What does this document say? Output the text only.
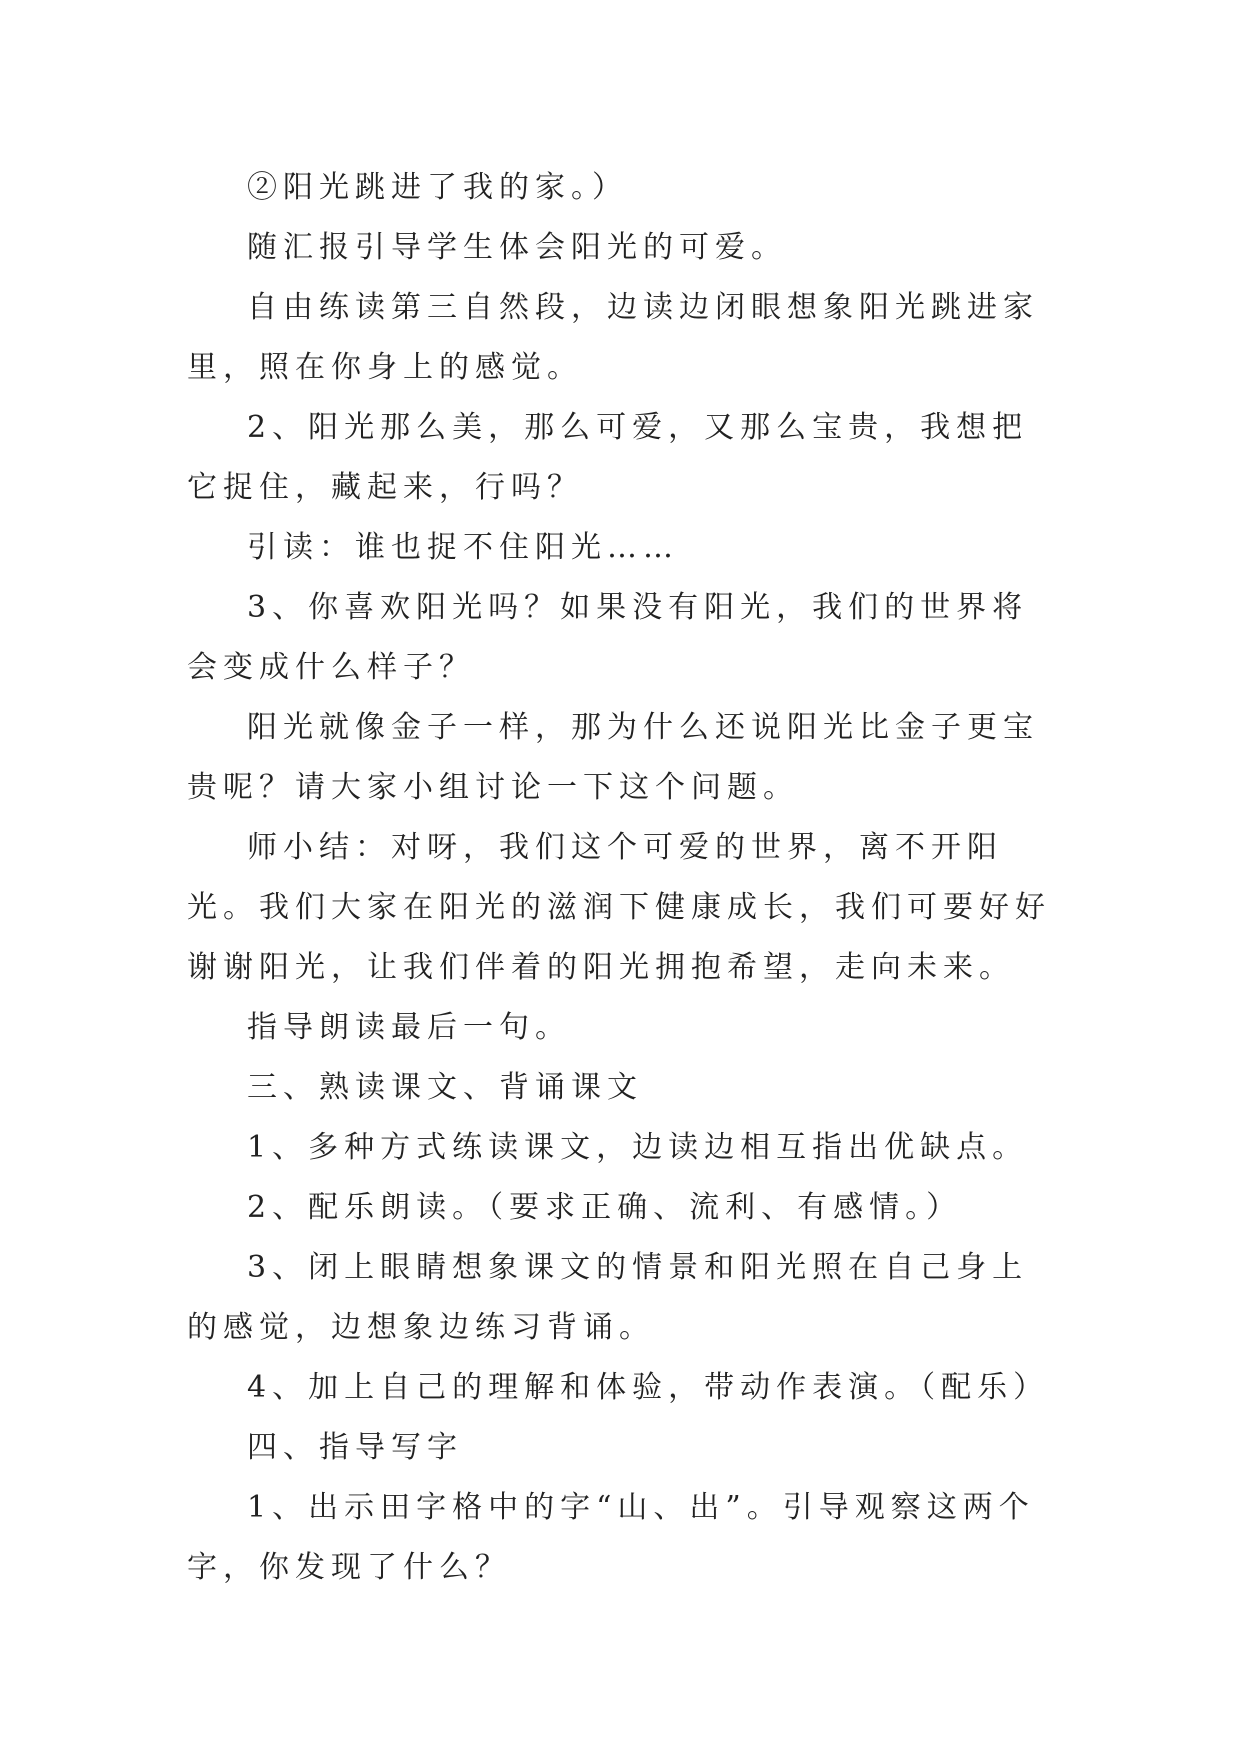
②阳光跳进了我的家。）

随汇报引导学生体会阳光的可爱。

自由练读第三自然段，边读边闭眼想象阳光跳进家里，照在你身上的感觉。

2、阳光那么美，那么可爱，又那么宝贵，我想把它捉住，藏起来，行吗？

引读：谁也捉不住阳光……

3、你喜欢阳光吗？如果没有阳光，我们的世界将会变成什么样子？

阳光就像金子一样，那为什么还说阳光比金子更宝贵呢？请大家小组讨论一下这个问题。

师小结：对呀，我们这个可爱的世界，离不开阳光。我们大家在阳光的滋润下健康成长，我们可要好好谢谢阳光，让我们伴着的阳光拥抱希望，走向未来。

指导朗读最后一句。

三、熟读课文、背诵课文

1、多种方式练读课文，边读边相互指出优缺点。

2、配乐朗读。（要求正确、流利、有感情。）

3、闭上眼睛想象课文的情景和阳光照在自己身上的感觉，边想象边练习背诵。

4、加上自己的理解和体验，带动作表演。（配乐）

四、指导写字

1、出示田字格中的字“山、出”。引导观察这两个字，你发现了什么？
